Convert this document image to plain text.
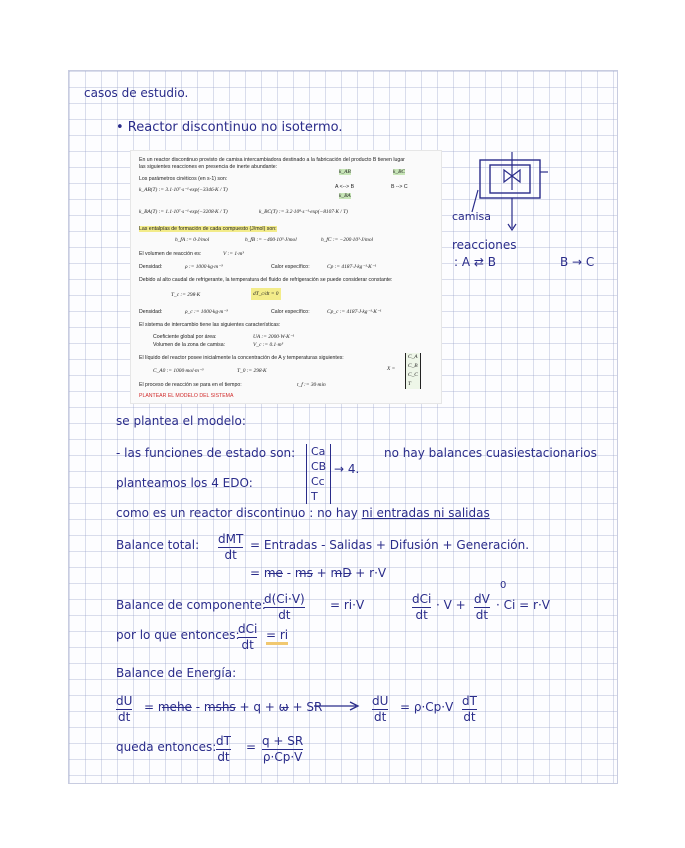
casos de estudio.
• Reactor discontinuo no isotermo.
En un reactor discontinuo provisto de camisa intercambiadora destinado a la fabricación del producto B tienen lugar
las siguientes reacciones en presencia de inerte abundante:
Los parámetros cinéticos (en s-1) son:
k_AB	k_BC
A <--> B	B --> C
k_BA
k_AB(T) := 3.1·10⁷·s⁻¹·exp(−3346·K / T)
k_BA(T) := 1.1·10⁷·s⁻¹·exp(−3208·K / T)	k_BC(T) := 3.2·10⁸·s⁻¹·exp(−8107·K / T)
Las entalpías de formación de cada compuesto (J/mol) son:
h_fA := 0·J/mol	h_fB := −400·10³·J/mol	h_fC := −200·10³·J/mol
El volumen de reacción es:	V := 1·m³
Densidad:	ρ := 1000·kg·m⁻³	Calor específico:	Cp := 4187·J·kg⁻¹·K⁻¹
Debido al alto caudal de refrigerante, la temperatura del fluido de refrigeración se puede considerar constante:
T_c := 298·K	dT_c/dt = 0
Densidad:	ρ_c := 1000·kg·m⁻³	Calor específico:	Cp_c := 4187·J·kg⁻¹·K⁻¹
El sistema de intercambio tiene las siguientes características:
Coeficiente global por área:	UA := 2000·W·K⁻¹
Volumen de la zona de camisa:	V_c := 0.1·m³
El líquido del reactor posee inicialmente la concentración de A y temperaturas siguientes:
C_A0 := 1000·mol·m⁻³	T_0 := 298·K	X =
C_A
C_B
C_C
T
El proceso de reacción se para en el tiempo:	t_f := 30·min
PLANTEAR EL MODELO DEL SISTEMA
camisa
reacciones
: A ⇄ B	B → C
se plantea el modelo:
- las funciones de estado son: Ca
CB
Cc
T
→ 4.
no hay balances cuasiestacionarios
planteamos los 4 EDO:
como es un reactor discontinuo : no hay ni entradas ni salidas
Balance total: dMT
dt
= Entradas - Salidas + Difusión + Generación.
= m̶e̶ - m̶s̶ + m̶D̶ + r·V
Balance de componente:
d(Ci·V)
dt
= ri·V	dCi
dt
· V + dV
dt
0
· Ci = r·V
por lo que entonces:
dCi
dt
= ri
Balance de Energía:
dU
dt
= m̶e̶h̶e̶ - m̶s̶h̶s̶ + q + ω̶ + SR	dU
dt
= ρ·Cp·V dT
dt
queda entonces: dT
dt
= q + SR
ρ·Cp·V
